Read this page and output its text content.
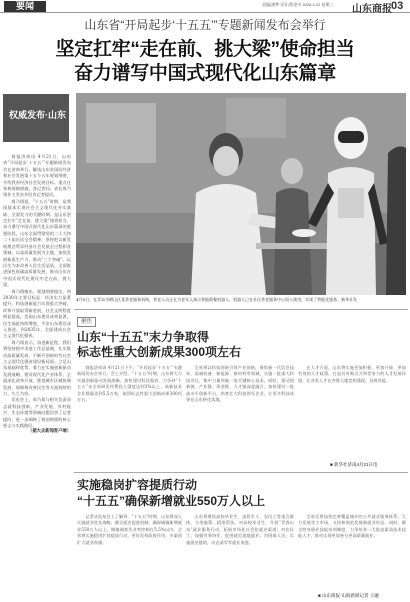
要闻	责编/潘梦 设计/殷金中 2026.4.22 星期三 山东商报 03
山东省“开局起步‘十五五’”专题新闻发布会举行
坚定扛牢“走在前、挑大梁”使命担当
奋力谱写中国式现代化山东篇章
权威发布·山东

商报济南讯 4月21日，山东省“开局起步‘十五五’”专题新闻发布会在济南举行。解读山东省国民经济和社会发展第十五个五年规划纲要，介绍我省经济社会发展目标。重点任务和保障措施，答记者问。省长周乃翔作主发布并回答记者提问。

周乃翔说，“十五五”时期，是我国基本实现社会主义现代化夯实基础、全面发力的关键时期。是山东坚定扛牢“走在前、挑大梁”使命担当、奋力谱写中国式现代化山东篇章的重要阶段。山东全面贯彻党的二十大和二十届历次全会精神，坚持把以新发展理念贯穿经济社会发展全过程和各领域，以高质量发展为主题，加快发展新质生产力，推动“三个突破”。以民生为本改善人民生活品质，全面推进绿色低碳高质量发展，推动山东在中国式现代化建设中走在前、挑大梁。

周乃翔指出，规划纲要提出，到2030年主要目标是：经济实力显著提升，科技创新能力实现重大突破，改革开放取得新进展，社会文明程度明显提高，美丽山东建设成效显著，民生福祉持续增进，平安山东建设深入推进。到2035年，全面建成社会主义现代化强省。

周乃翔表示，奋进新征程，我们将坚持稳中求进工作总基调，扎实推动高质量发展，不断开创新时代社会主义现代化强省建设新局面。立足山东基础和优势，着力在实施创新驱动发展战略、建设现代化产业体系、全面深化改革开放、推进城乡区域协调发展、保障和改善民生等方面持续用力、久久为功。

发布会上，周乃翔与相关负责同志就科技创新、产业发展、乡村振兴、生态环境等领域问题回答了记者提问，进一步阐释了规划纲要的核心要义与实践路径。

（据大众新闻客户端）

4月8日，在青岛市崂山区某养老服务机构，养老人员正在为老年人演示智能助餐机器人，机器人已在社区养老服务中心投入使用，实现了智能化服务。新华社发
聚焦
山东“十五五”末力争取得
标志性重大创新成果300项左右

商报济南讯 4月21日下午，“开局起步‘十五五’”专题新闻发布会举行。会上介绍，“十五五”时期，山东将大力实施创新驱动发展战略，加快建设科技强省，力争到“十五五”末全省研发经费投入强度达到3%以上，高新技术企业数量达到5.5万家，取得标志性重大创新成果300项左右。

全省将以科技创新引领产业创新，聚焦新一代信息技术、高端装备、新能源、新材料等领域，实施一批重大科技项目，集中力量突破一批关键核心技术。同时，推动创新链、产业链、资金链、人才链深度融合，加快建设一批高水平创新平台，培育壮大科技领军企业，让更多科技成果在山东转化落地。

在人才方面，山东将实施更加积极、更加开放、更加有效的人才政策，打造具有吸引力和竞争力的人才发展环境，让各类人才在齐鲁大地竞相涌现、各展其能。

■ 新华社济南4月21日电
实施稳岗扩容提质行动
“十五五”确保新增就业550万人以上

记者从发布会上了解到，“十五五”时期，山东将深入实施就业优先战略，健全就业促进机制，确保城镇新增就业550万人以上，城镇调查失业率控制在5.5%以内。全省将实施稳岗扩容提质行动，更好发挥政府作用，多渠道扩大就业容量。

山东将聚焦高校毕业生、退役军人、农民工等重点群体，分类施策、精准帮扶。对高校毕业生，开展“青春山东”就业服务行动，拓展市场化社会化就业渠道；对农民工，加强劳务协作，促进就近就地就业；对困难人员，实施就业援助，动态清零零就业家庭。

全省还将加快完善覆盖城乡的公共就业服务体系，大力发展零工市场，支持和规范发展新就业形态。同时，健全终身职业技能培训制度，力争培养一大批高素质技术技能人才，推动实现更加充分更高质量就业。

■ 山东商报·山海新闻记者 王融
